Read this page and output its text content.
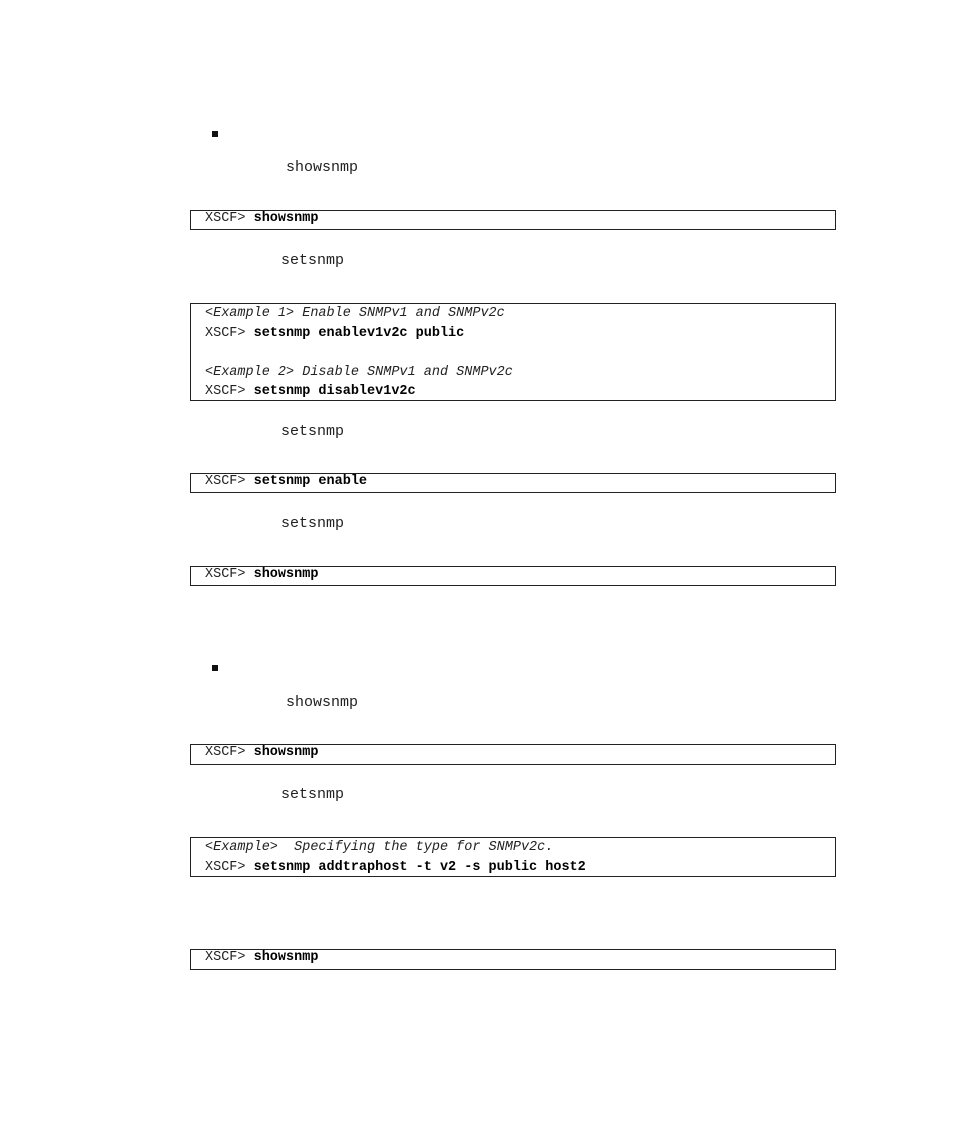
showsnmp
XSCF> showsnmp
setsnmp
<Example 1> Enable SNMPv1 and SNMPv2c
XSCF> setsnmp enablev1v2c public
<Example 2> Disable SNMPv1 and SNMPv2c
XSCF> setsnmp disablev1v2c
setsnmp
XSCF> setsnmp enable
setsnmp
XSCF> showsnmp
showsnmp
XSCF> showsnmp
setsnmp
<Example>  Specifying the type for SNMPv2c.
XSCF> setsnmp addtraphost -t v2 -s public host2
XSCF> showsnmp
